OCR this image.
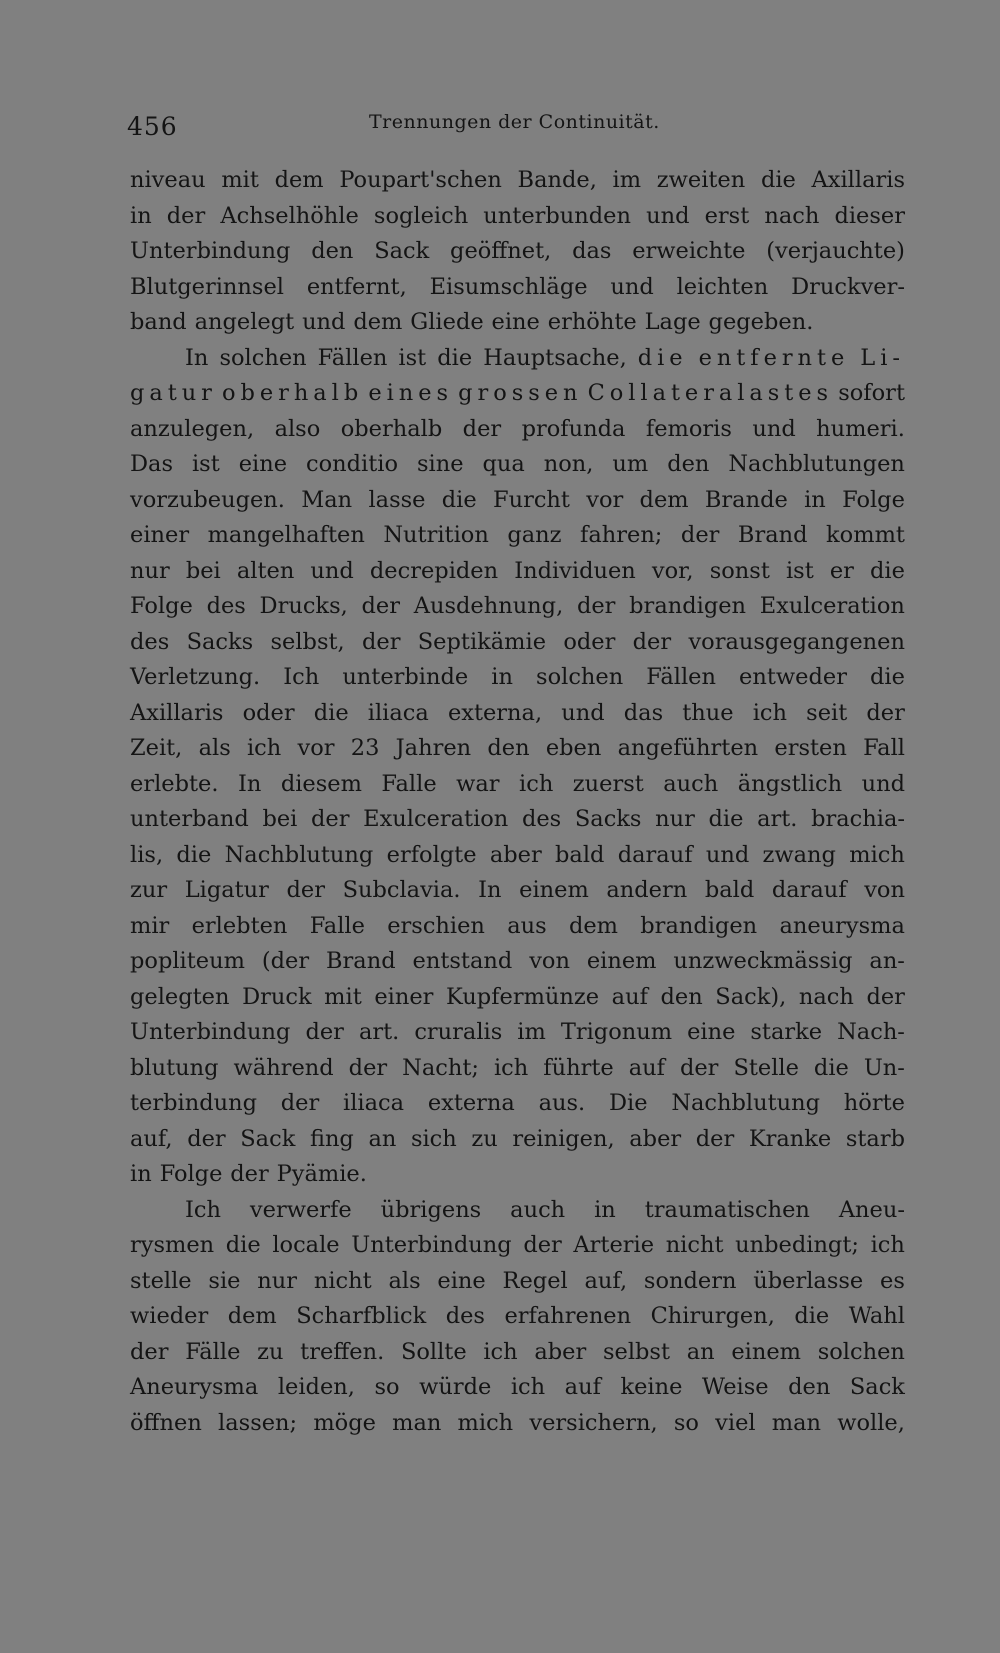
456	Trennungen der Continuität.
niveau mit dem Poupart'schen Bande, im zweiten die Axillaris
in der Achselhöhle sogleich unterbunden und erst nach dieser
Unterbindung den Sack geöffnet, das erweichte (verjauchte)
Blutgerinnsel entfernt, Eisumschläge und leichten Druckver-
band angelegt und dem Gliede eine erhöhte Lage gegeben.
In solchen Fällen ist die Hauptsache, die entfernte Li-
gatur oberhalb eines grossen Collateralastes sofort
anzulegen, also oberhalb der profunda femoris und humeri.
Das ist eine conditio sine qua non, um den Nachblutungen
vorzubeugen. Man lasse die Furcht vor dem Brande in Folge
einer mangelhaften Nutrition ganz fahren; der Brand kommt
nur bei alten und decrepiden Individuen vor, sonst ist er die
Folge des Drucks, der Ausdehnung, der brandigen Exulceration
des Sacks selbst, der Septikämie oder der vorausgegangenen
Verletzung. Ich unterbinde in solchen Fällen entweder die
Axillaris oder die iliaca externa, und das thue ich seit der
Zeit, als ich vor 23 Jahren den eben angeführten ersten Fall
erlebte. In diesem Falle war ich zuerst auch ängstlich und
unterband bei der Exulceration des Sacks nur die art. brachia-
lis, die Nachblutung erfolgte aber bald darauf und zwang mich
zur Ligatur der Subclavia. In einem andern bald darauf von
mir erlebten Falle erschien aus dem brandigen aneurysma
popliteum (der Brand entstand von einem unzweckmässig an-
gelegten Druck mit einer Kupfermünze auf den Sack), nach der
Unterbindung der art. cruralis im Trigonum eine starke Nach-
blutung während der Nacht; ich führte auf der Stelle die Un-
terbindung der iliaca externa aus. Die Nachblutung hörte
auf, der Sack fing an sich zu reinigen, aber der Kranke starb
in Folge der Pyämie.
Ich verwerfe übrigens auch in traumatischen Aneu-
rysmen die locale Unterbindung der Arterie nicht unbedingt; ich
stelle sie nur nicht als eine Regel auf, sondern überlasse es
wieder dem Scharfblick des erfahrenen Chirurgen, die Wahl
der Fälle zu treffen. Sollte ich aber selbst an einem solchen
Aneurysma leiden, so würde ich auf keine Weise den Sack
öffnen lassen; möge man mich versichern, so viel man wolle,
